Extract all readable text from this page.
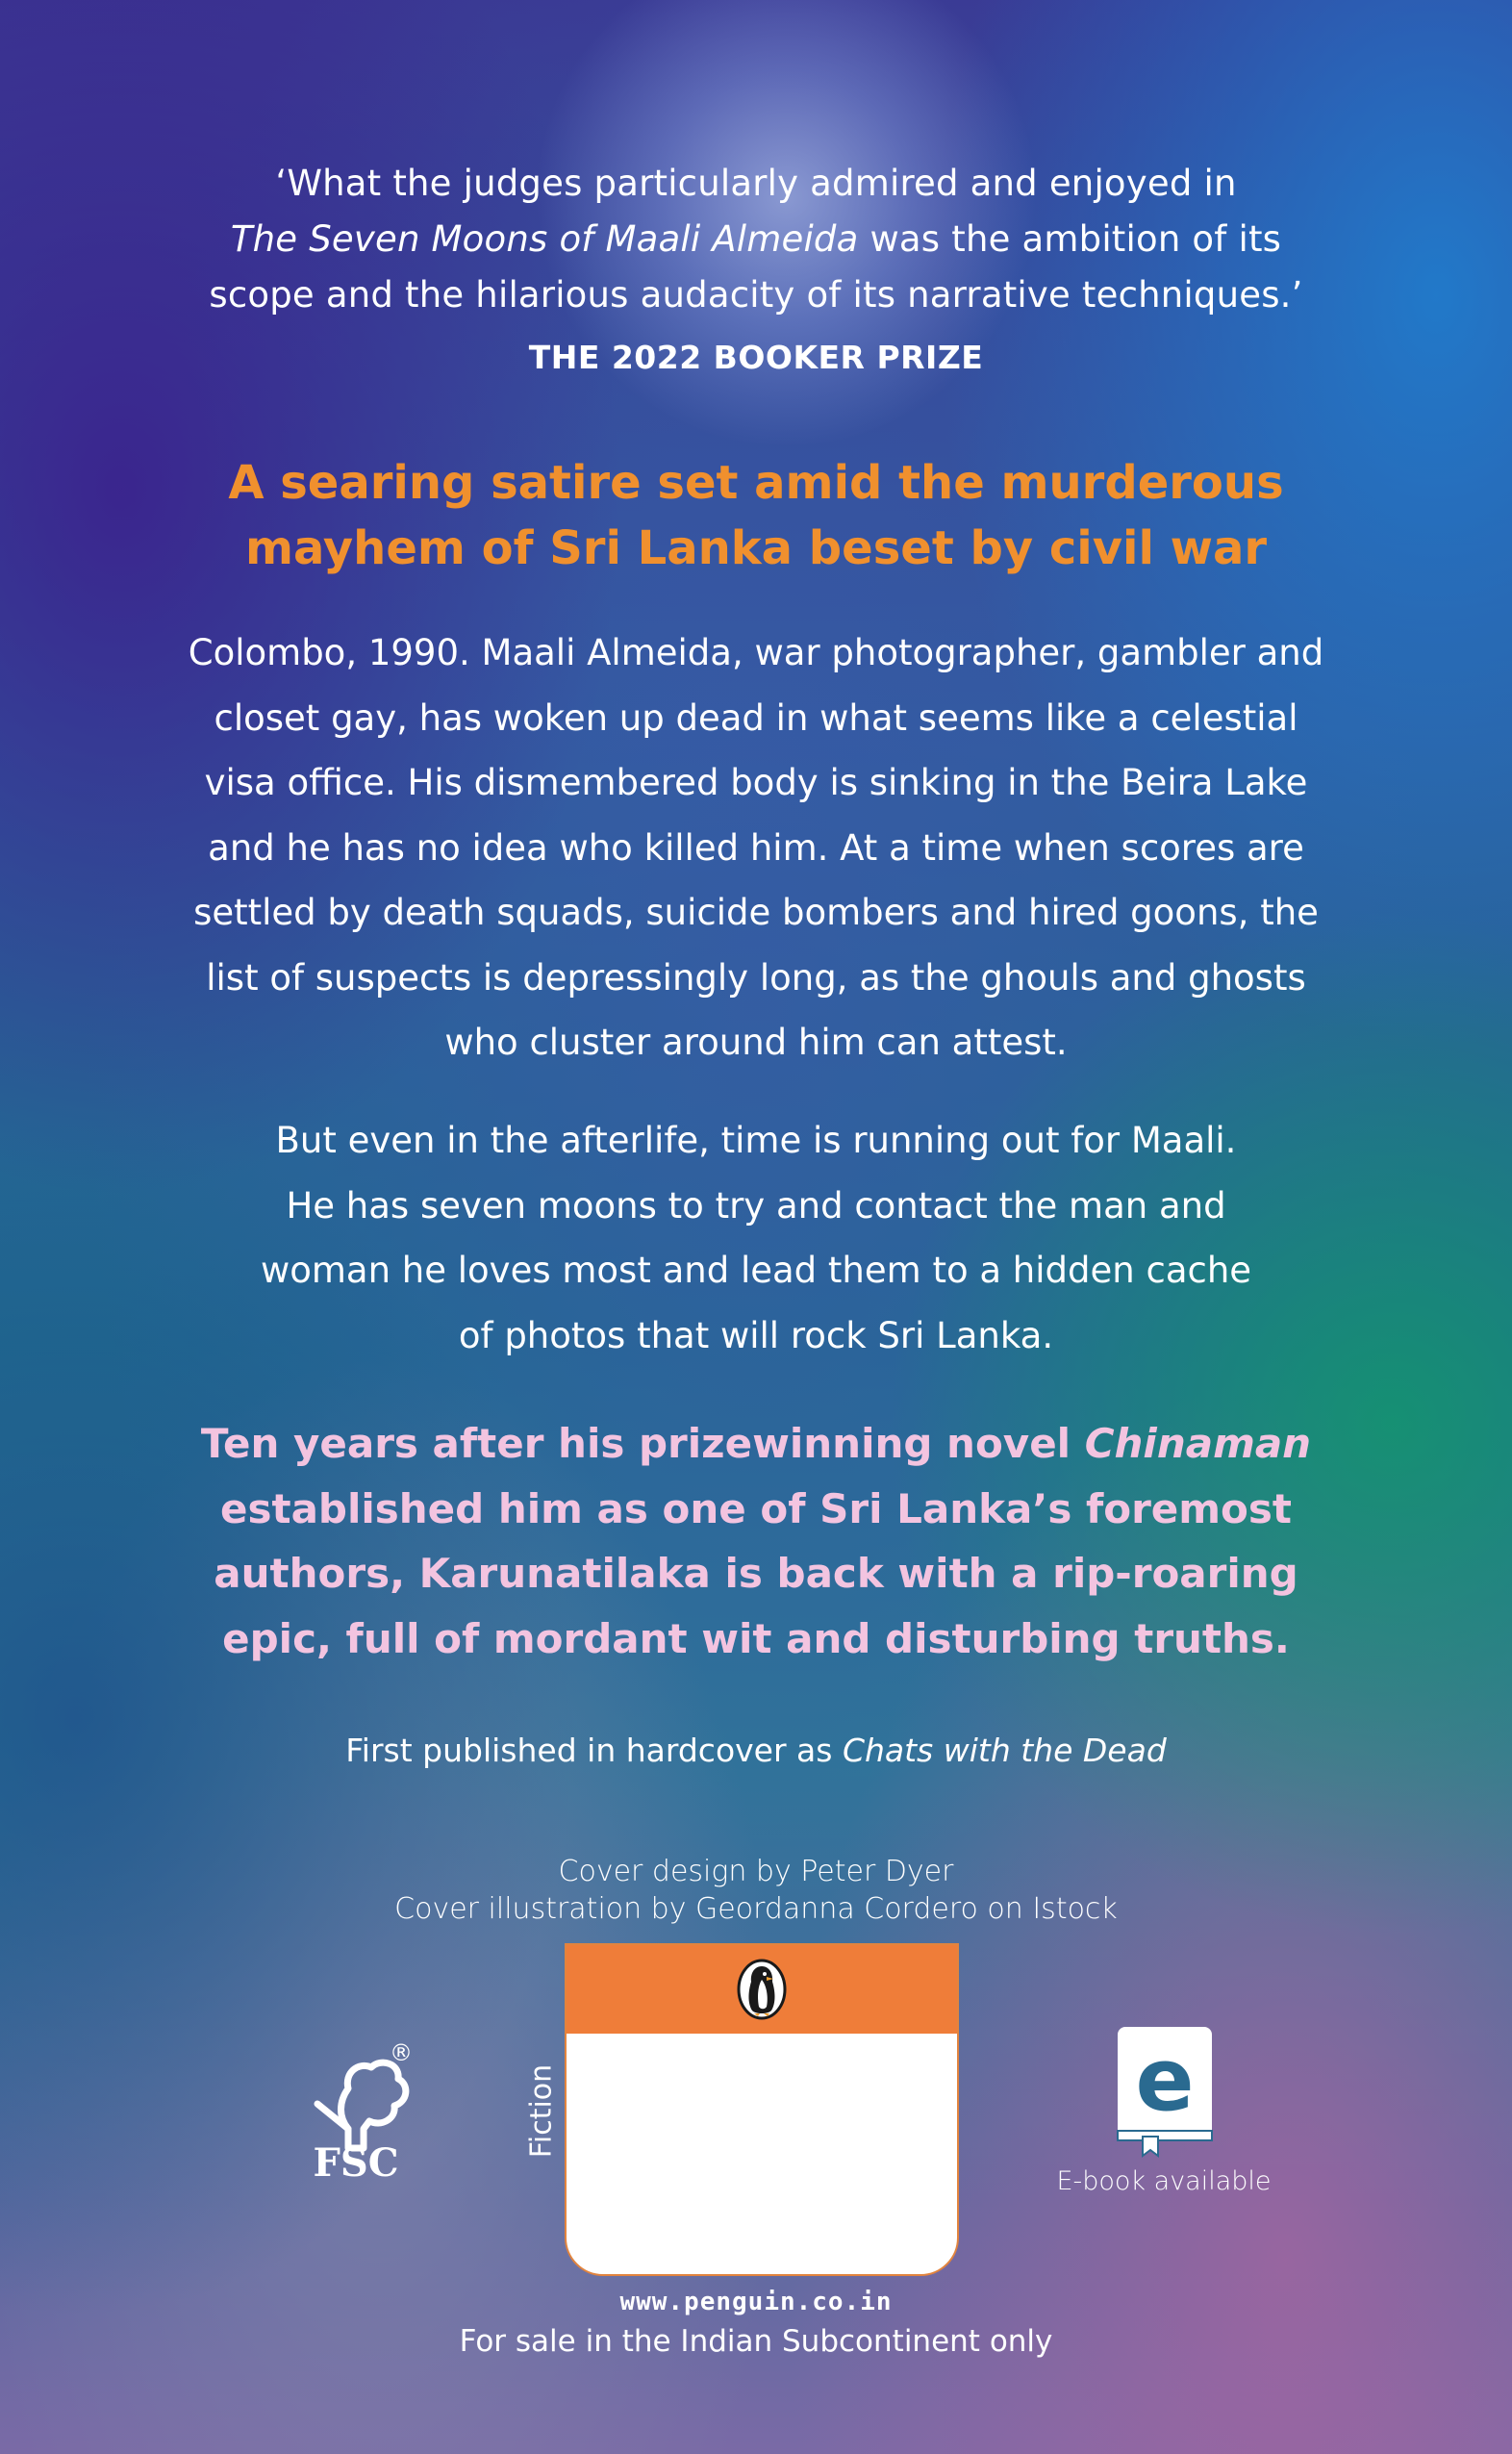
‘What the judges particularly admired and enjoyed in
The Seven Moons of Maali Almeida was the ambition of its
scope and the hilarious audacity of its narrative techniques.’
THE 2022 BOOKER PRIZE
A searing satire set amid the murderous
mayhem of Sri Lanka beset by civil war
Colombo, 1990. Maali Almeida, war photographer, gambler and
closet gay, has woken up dead in what seems like a celestial
visa office. His dismembered body is sinking in the Beira Lake
and he has no idea who killed him. At a time when scores are
settled by death squads, suicide bombers and hired goons, the
list of suspects is depressingly long, as the ghouls and ghosts
who cluster around him can attest.
But even in the afterlife, time is running out for Maali.
He has seven moons to try and contact the man and
woman he loves most and lead them to a hidden cache
of photos that will rock Sri Lanka.
Ten years after his prizewinning novel Chinaman
established him as one of Sri Lanka’s foremost
authors, Karunatilaka is back with a rip-roaring
epic, full of mordant wit and disturbing truths.
First published in hardcover as Chats with the Dead
Cover design by Peter Dyer
Cover illustration by Geordanna Cordero on Istock
®
FSC
Fiction	e
E-book available
www.penguin.co.in
For sale in the Indian Subcontinent only
